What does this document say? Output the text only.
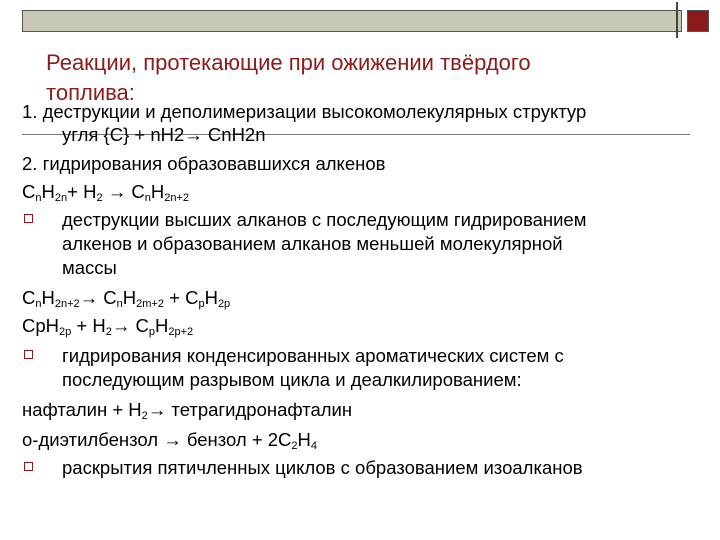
Реакции, протекающие при ожижении твёрдого
топлива:
1. деструкции и деполимеризации высокомолекулярных структур
угля {C} + nH2→ CnH2n
2. гидрирования образовавшихся алкенов
$C_nH_{2n}+ H_2 \to C_nH_{2n+2}$
деструкции высших алканов с последующим гидрированием
алкенов и образованием алканов меньшей молекулярной
массы
$C_nH_{2n+2}\to C_nH_{2m+2} + C_pH_{2p}$
$CрH_{2p} + H_2\to C_pH_{2p+2}$
гидрирования конденсированных ароматических систем с
последующим разрывом цикла и деалкилированием:
нафталин + $H_2\to$ тетрагидронафталин
о-диэтилбензол → бензол + $2C_2H_4$
раскрытия пятичленных циклов с образованием изоалканов
